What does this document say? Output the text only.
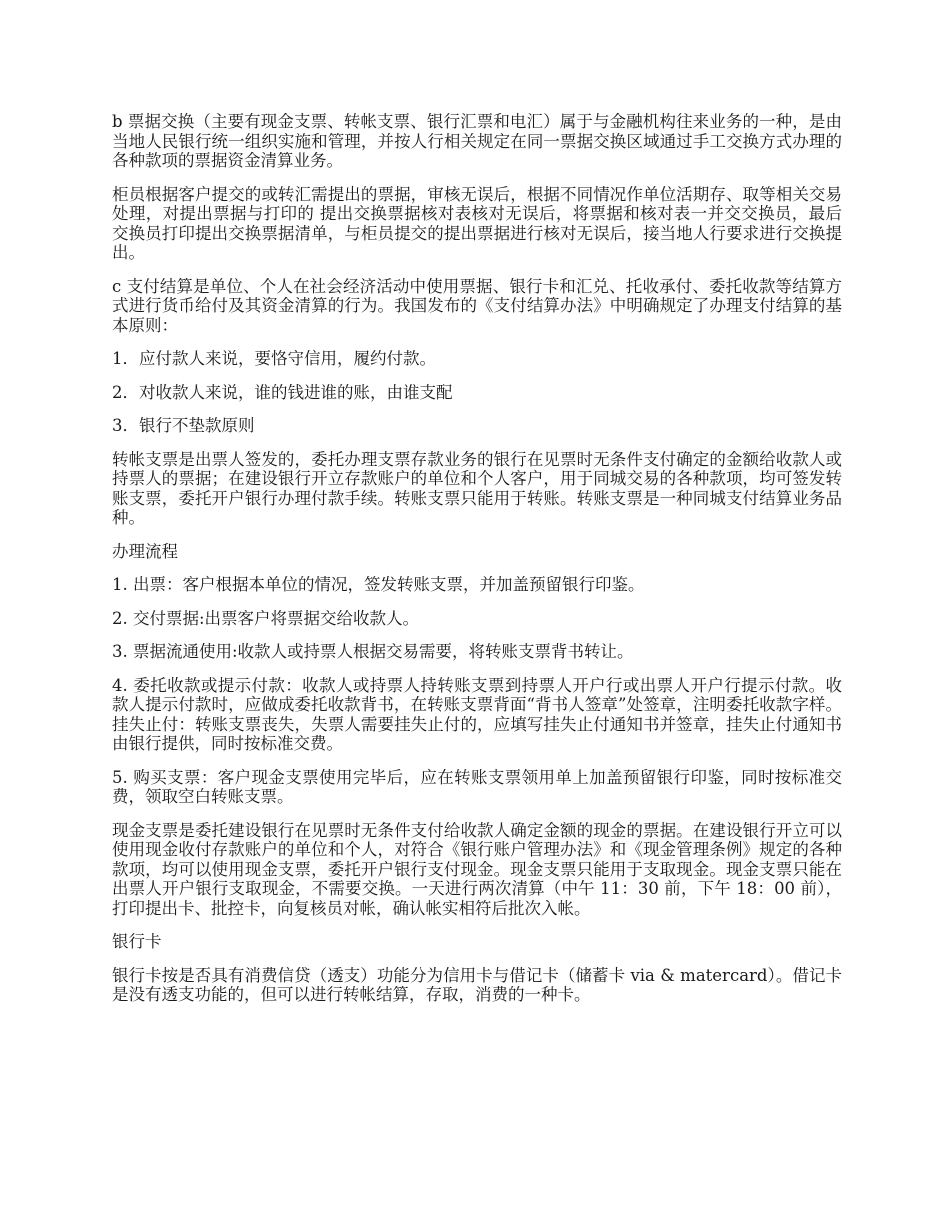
b 票据交换（主要有现金支票、转帐支票、银行汇票和电汇）属于与金融机构往来业务的一种，是由当地人民银行统一组织实施和管理，并按人行相关规定在同一票据交换区域通过手工交换方式办理的各种款项的票据资金清算业务。

柜员根据客户提交的或转汇需提出的票据，审核无误后，根据不同情况作单位活期存、取等相关交易处理，对提出票据与打印的 提出交换票据核对表核对无误后，将票据和核对表一并交交换员，最后交换员打印提出交换票据清单，与柜员提交的提出票据进行核对无误后，接当地人行要求进行交换提出。

c 支付结算是单位、个人在社会经济活动中使用票据、银行卡和汇兑、托收承付、委托收款等结算方式进行货币给付及其资金清算的行为。我国发布的《支付结算办法》中明确规定了办理支付结算的基本原则：

1．应付款人来说，要恪守信用，履约付款。

2．对收款人来说，谁的钱进谁的账，由谁支配

3．银行不垫款原则

转帐支票是出票人签发的，委托办理支票存款业务的银行在见票时无条件支付确定的金额给收款人或持票人的票据；在建设银行开立存款账户的单位和个人客户，用于同城交易的各种款项，均可签发转账支票，委托开户银行办理付款手续。转账支票只能用于转账。转账支票是一种同城支付结算业务品种。

办理流程

1. 出票：客户根据本单位的情况，签发转账支票，并加盖预留银行印鉴。

2. 交付票据:出票客户将票据交给收款人。

3. 票据流通使用:收款人或持票人根据交易需要，将转账支票背书转让。

4. 委托收款或提示付款：收款人或持票人持转账支票到持票人开户行或出票人开户行提示付款。收款人提示付款时，应做成委托收款背书，在转账支票背面“背书人签章”处签章，注明委托收款字样。挂失止付：转账支票丧失，失票人需要挂失止付的，应填写挂失止付通知书并签章，挂失止付通知书由银行提供，同时按标准交费。

5. 购买支票：客户现金支票使用完毕后，应在转账支票领用单上加盖预留银行印鉴，同时按标准交费，领取空白转账支票。

现金支票是委托建设银行在见票时无条件支付给收款人确定金额的现金的票据。在建设银行开立可以使用现金收付存款账户的单位和个人，对符合《银行账户管理办法》和《现金管理条例》规定的各种款项，均可以使用现金支票，委托开户银行支付现金。现金支票只能用于支取现金。现金支票只能在出票人开户银行支取现金，不需要交换。一天进行两次清算（中午 11：30 前，下午 18：00 前），打印提出卡、批控卡，向复核员对帐，确认帐实相符后批次入帐。

银行卡

银行卡按是否具有消费信贷（透支）功能分为信用卡与借记卡（储蓄卡 via & matercard）。借记卡是没有透支功能的，但可以进行转帐结算，存取，消费的一种卡。
